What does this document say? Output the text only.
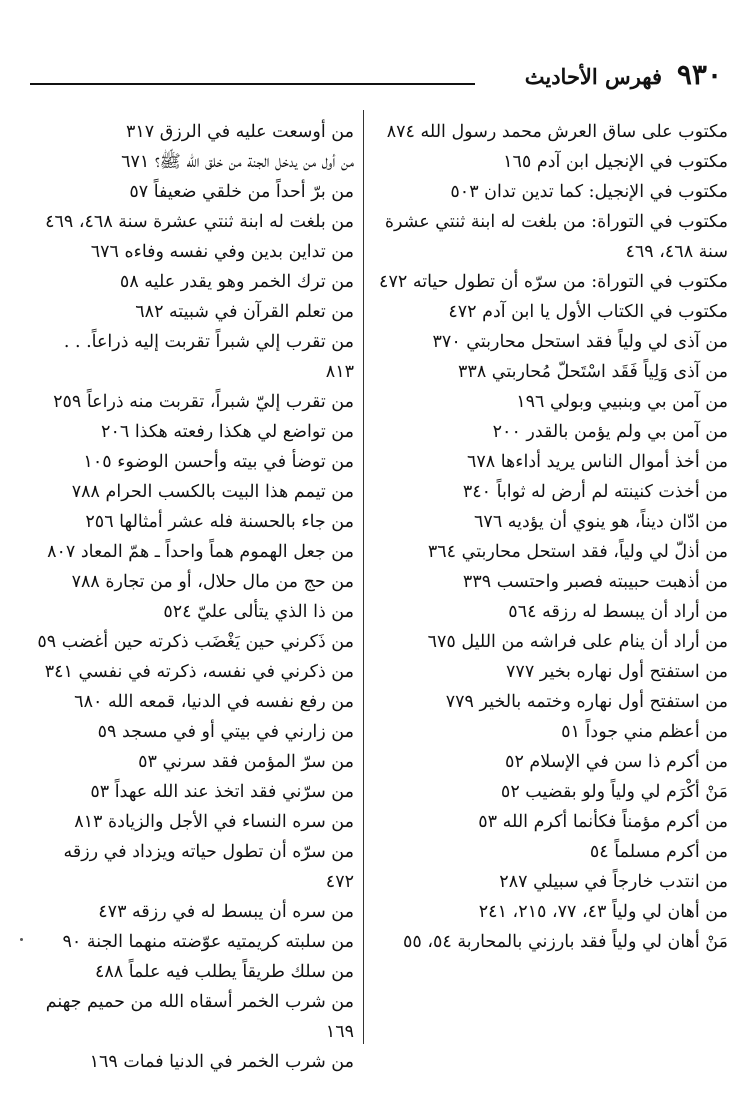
٩٣٠
فهرس الأحاديث
مكتوب على ساق العرش محمد رسول الله ٨٧٤
مكتوب في الإنجيل ابن آدم ١٦٥
مكتوب في الإنجيل: كما تدين تدان ٥٠٣
مكتوب في التوراة: من بلغت له ابنة ثنتي عشرة سنة ٤٦٨، ٤٦٩
مكتوب في التوراة: من سرّه أن تطول حياته ٤٧٢
مكتوب في الكتاب الأول يا ابن آدم ٤٧٢
من آذى لي ولياً فقد استحل محاربتي ٣٧٠
من آذى وَلِياً فَقَد اسْتَحلّ مُحاربتي ٣٣٨
من آمن بي وبنبيي وبولي ١٩٦
من آمن بي ولم يؤمن بالقدر ٢٠٠
من أخذ أموال الناس يريد أداءها ٦٧٨
من أخذت كنينته لم أرض له ثواباً ٣٤٠
من ادّان ديناً، هو ينوي أن يؤديه ٦٧٦
من أذلّ لي ولياً، فقد استحل محاربتي ٣٦٤
من أذهبت حبيبته فصبر واحتسب ٣٣٩
من أراد أن يبسط له رزقه ٥٦٤
من أراد أن ينام على فراشه من الليل ٦٧٥
من استفتح أول نهاره بخير ٧٧٧
من استفتح أول نهاره وختمه بالخير ٧٧٩
من أعظم مني جوداً ٥١
من أكرم ذا سن في الإسلام ٥٢
مَنْ أكْرَم لي ولياً ولو بقضيب ٥٢
من أكرم مؤمناً فكأنما أكرم الله ٥٣
من أكرم مسلماً ٥٤
من انتدب خارجاً في سبيلي ٢٨٧
من أهان لي ولياً ٤٣، ٧٧، ٢١٥، ٢٤١
مَنْ أهان لي ولياً فقد بارزني بالمحاربة ٥٤، ٥٥
من أوسعت عليه في الرزق ٣١٧
من أول من يدخل الجنة من خلق الله ﷺ؟ ٦٧١
من برّ أحداً من خلقي ضعيفاً ٥٧
من بلغت له ابنة ثنتي عشرة سنة ٤٦٨، ٤٦٩
من تداين بدين وفي نفسه وفاءه ٦٧٦
من ترك الخمر وهو يقدر عليه ٥٨
من تعلم القرآن في شبيته ٦٨٢
من تقرب إلي شبراً تقربت إليه ذراعاً. . . ٨١٣
من تقرب إليّ شبراً، تقربت منه ذراعاً ٢٥٩
من تواضع لي هكذا رفعته هكذا ٢٠٦
من توضأ في بيته وأحسن الوضوء ١٠٥
من تيمم هذا البيت بالكسب الحرام ٧٨٨
من جاء بالحسنة فله عشر أمثالها ٢٥٦
من جعل الهموم هماً واحداً ـ همّ المعاد ٨٠٧
من حج من مال حلال، أو من تجارة ٧٨٨
من ذا الذي يتألى عليّ ٥٢٤
من ذَكرني حين يَغْضَب ذكرته حين أغضب ٥٩
من ذكرني في نفسه، ذكرته في نفسي ٣٤١
من رفع نفسه في الدنيا، قمعه الله ٦٨٠
من زارني في بيتي أو في مسجد ٥٩
من سرّ المؤمن فقد سرني ٥٣
من سرّني فقد اتخذ عند الله عهداً ٥٣
من سره النساء في الأجل والزيادة ٨١٣
من سرّه أن تطول حياته ويزداد في رزقه ٤٧٢
من سره أن يبسط له في رزقه ٤٧٣
من سلبته كريمتيه عوّضته منهما الجنة ٩٠
من سلك طريقاً يطلب فيه علماً ٤٨٨
من شرب الخمر أسقاه الله من حميم جهنم ١٦٩
من شرب الخمر في الدنيا فمات ١٦٩
